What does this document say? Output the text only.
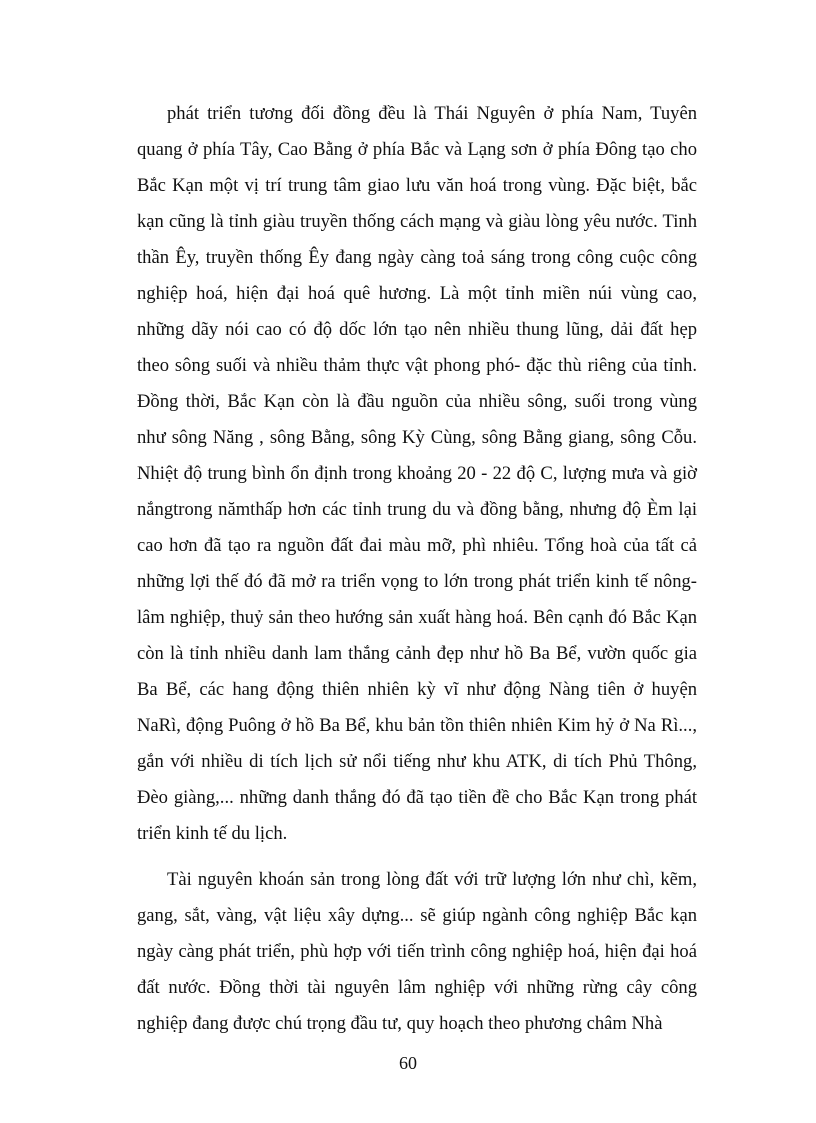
phát triển tương đối đồng đều là Thái Nguyên ở phía Nam, Tuyên
quang ở phía Tây, Cao Bằng ở phía Bắc và Lạng sơn ở phía Đông tạo cho
Bắc Kạn một vị trí trung tâm giao lưu văn hoá trong vùng. Đặc biệt, bắc
kạn cũng là tỉnh giàu truyền thống cách mạng và giàu lòng yêu nước. Tinh
thần Êy, truyền thống Êy đang ngày càng toả sáng trong công cuộc công
nghiệp hoá, hiện đại hoá quê hương. Là một tỉnh miền núi vùng cao,
những dãy nói cao có độ dốc lớn tạo nên nhiều thung lũng, dải đất hẹp
theo sông suối và nhiều thảm thực vật phong phó- đặc thù riêng của tỉnh.
Đồng thời, Bắc Kạn còn là đầu nguồn của nhiều sông, suối trong vùng
như sông Năng , sông Bằng, sông Kỳ Cùng, sông Bằng giang, sông Cỗu.
Nhiệt độ trung bình ổn định trong khoảng 20 - 22 độ C, lượng mưa và giờ
nắngtrong nămthấp hơn các tỉnh trung du và đồng bằng, nhưng độ Èm lại
cao hơn đã tạo ra nguồn đất đai màu mỡ, phì nhiêu. Tổng hoà của tất cả
những lợi thế đó đã mở ra triển vọng to lớn trong phát triển kinh tế nông-
lâm nghiệp, thuỷ sản theo hướng sản xuất hàng hoá. Bên cạnh đó Bắc Kạn
còn là tỉnh nhiều danh lam thắng cảnh đẹp như hồ Ba Bể, vườn quốc gia
Ba Bể, các hang động thiên nhiên kỳ vĩ như động Nàng tiên ở huyện
NaRì, động Puông ở hồ Ba Bể, khu bản tồn thiên nhiên Kim hỷ ở Na Rì...,
gắn với nhiều di tích lịch sử nổi tiếng như khu ATK, di tích Phủ Thông,
Đèo giàng,... những danh thắng đó đã tạo tiền đề cho Bắc Kạn trong phát
triển kinh tế du lịch.
Tài nguyên khoán sản trong lòng đất với trữ lượng lớn như chì, kẽm,
gang, sắt, vàng, vật liệu xây dựng... sẽ giúp ngành công nghiệp Bắc kạn
ngày càng phát triển, phù hợp với tiến trình công nghiệp hoá, hiện đại hoá
đất nước. Đồng thời tài nguyên lâm nghiệp với những rừng cây công
nghiệp đang được chú trọng đầu tư, quy hoạch theo phương châm Nhà
60
